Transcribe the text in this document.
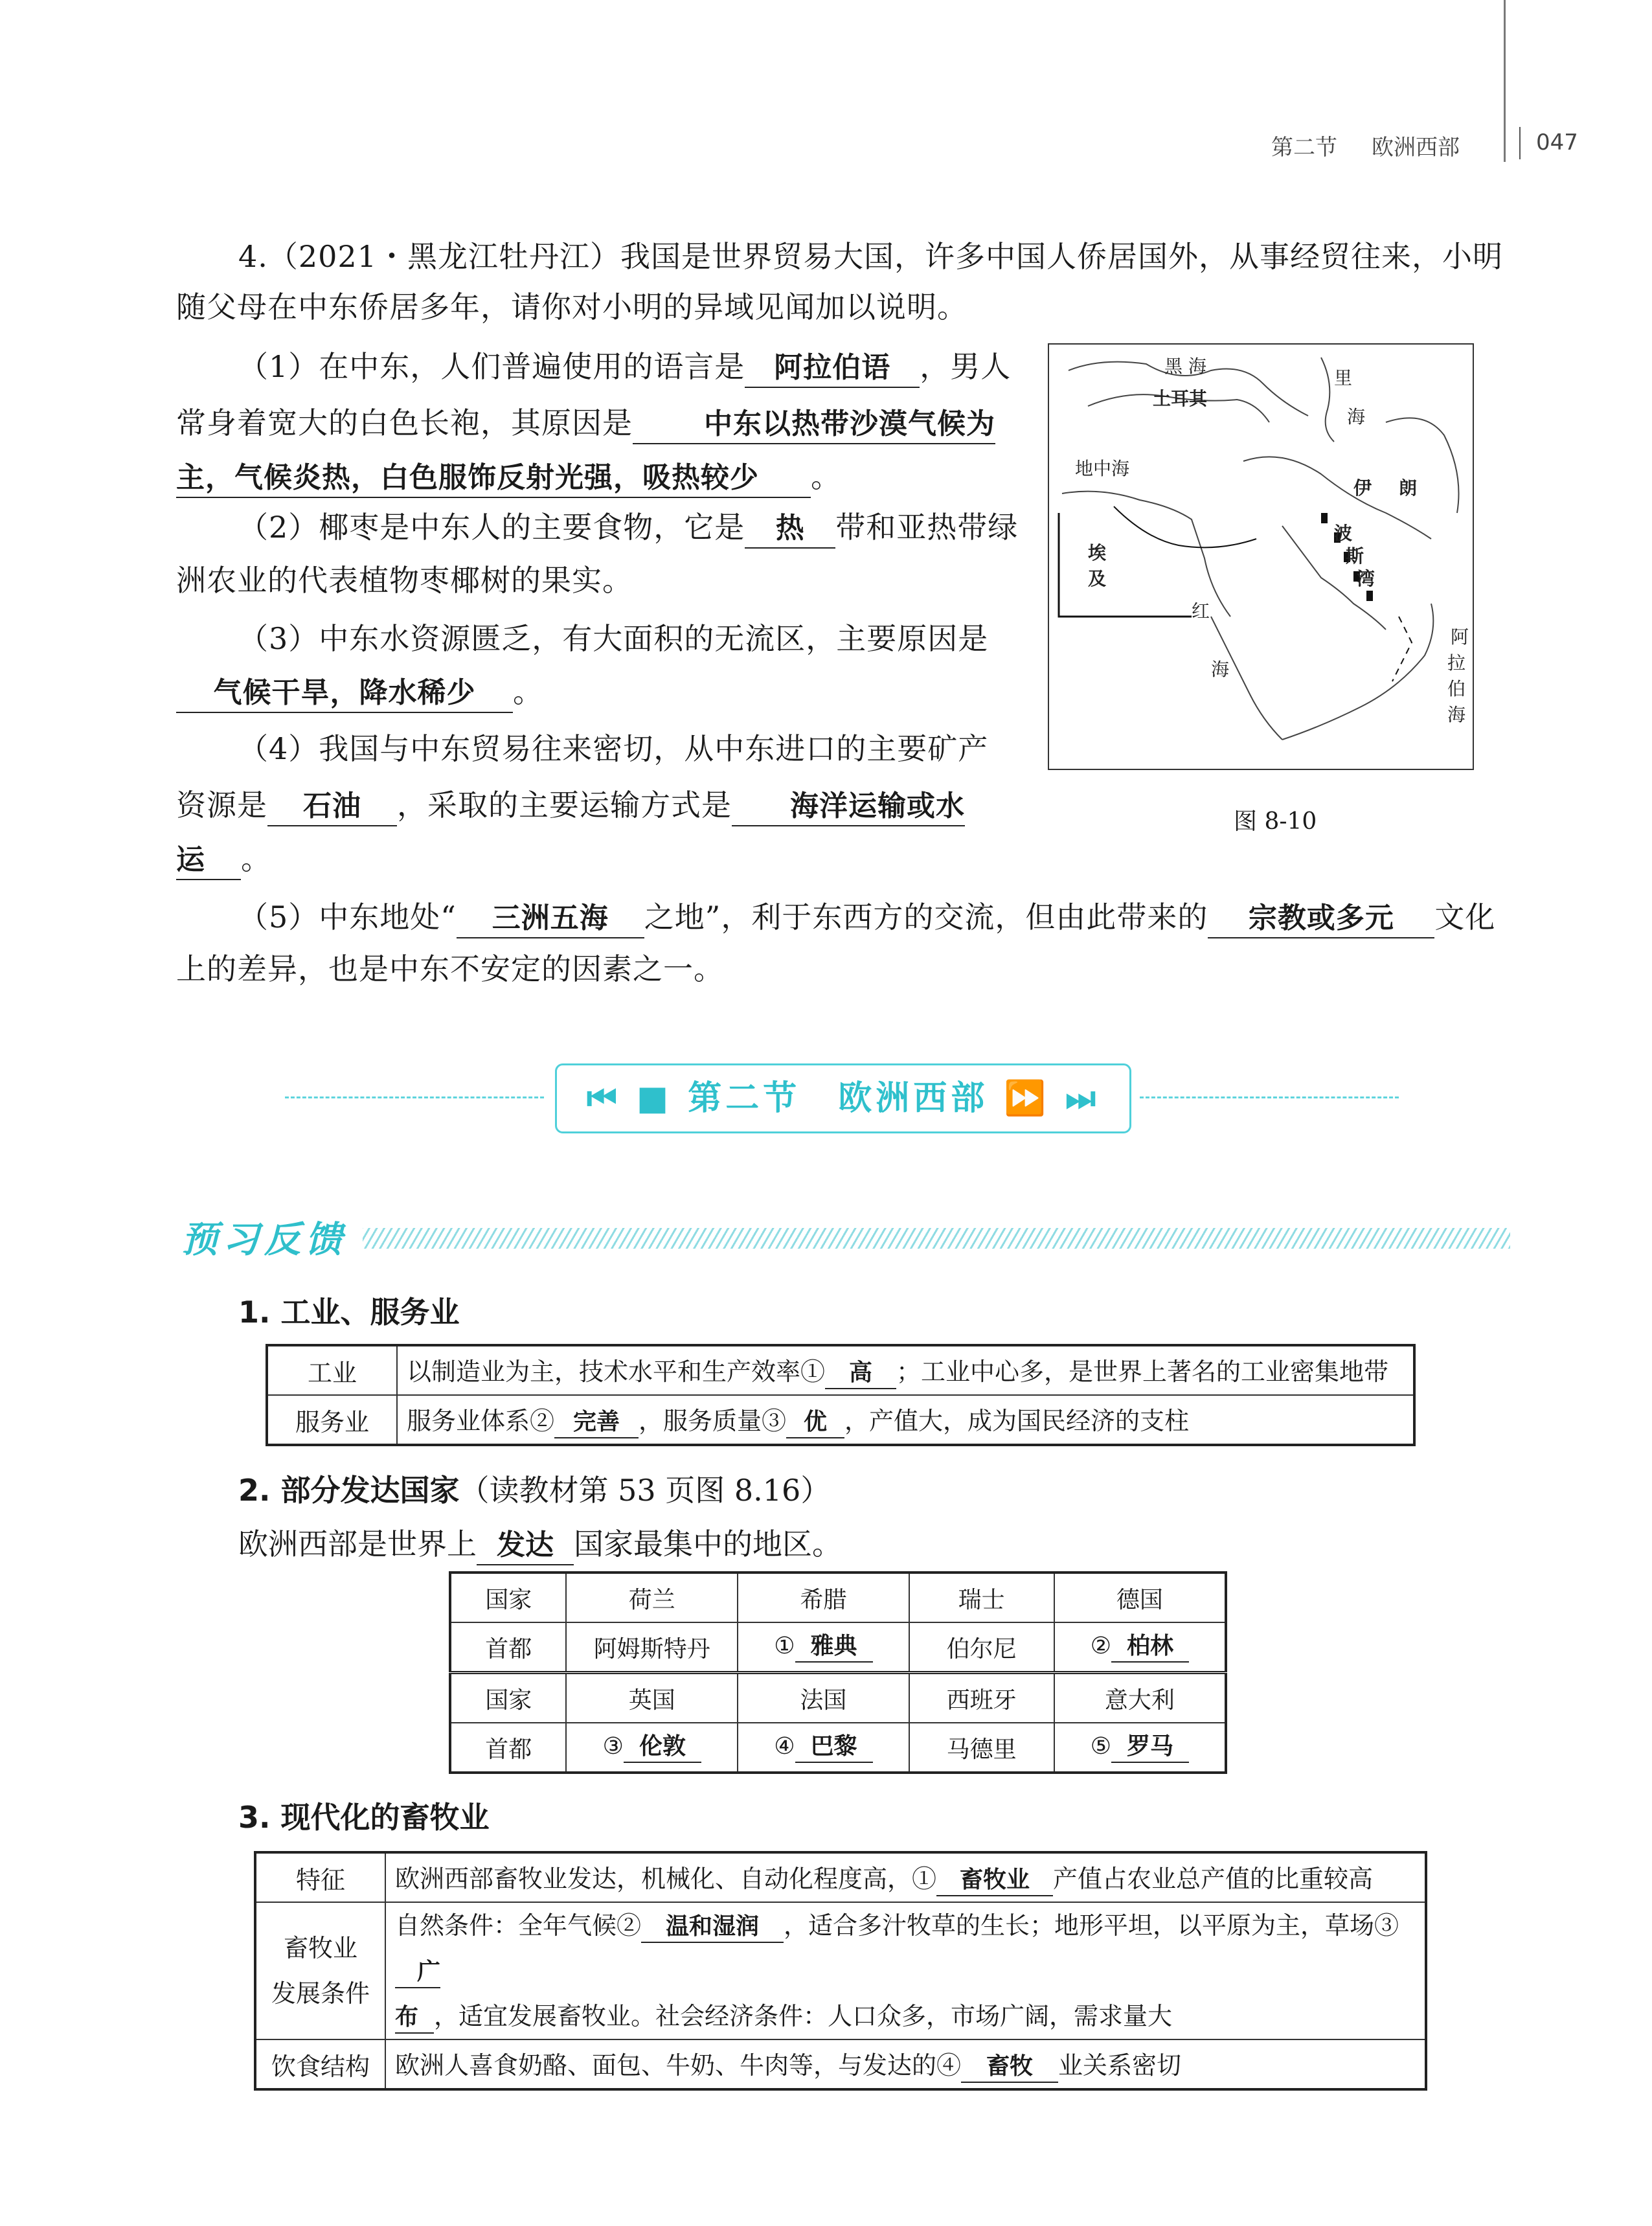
第二节 欧洲西部	047
4.（2021・黑龙江牡丹江）我国是世界贸易大国，许多中国人侨居国外，从事经贸往来，小明
随父母在中东侨居多年，请你对小明的异域见闻加以说明。
（1）在中东，人们普遍使用的语言是 阿拉伯语 ，男人
常身着宽大的白色长袍，其原因是	中东以热带沙漠气候为
主，气候炎热，白色服饰反射光强，吸热较少 。
（2）椰枣是中东人的主要食物，它是 热 带和亚热带绿
洲农业的代表植物枣椰树的果实。
（3）中东水资源匮乏，有大面积的无流区，主要原因是
气候干旱，降水稀少 。
（4）我国与中东贸易往来密切，从中东进口的主要矿产
资源是 石油 ，采取的主要运输方式是 海洋运输或水
运 。
（5）中东地处“ 三洲五海 之地”，利于东西方的交流，但由此带来的 宗教或多元 文化
上的差异，也是中东不安定的因素之一。
黑 海
里
海
土耳其
地中海
伊 朗
波
斯
湾
埃
及
红
海
阿
拉
伯
海
图 8-10
⏮ ■ 第二节　欧洲西部 ⏩ ⏭
预习反馈
1. 工业、服务业
工业	以制造业为主，技术水平和生产效率① 高 ；工业中心多，是世界上著名的工业密集地带
服务业	服务业体系② 完善 ，服务质量③ 优 ，产值大，成为国民经济的支柱
2. 部分发达国家（读教材第 53 页图 8.16）
欧洲西部是世界上 发达 国家最集中的地区。
国家	荷兰	希腊	瑞士	德国
首都	阿姆斯特丹	① 雅典	伯尔尼	② 柏林
国家	英国	法国	西班牙	意大利
首都	③ 伦敦	④ 巴黎	马德里	⑤ 罗马
3. 现代化的畜牧业
特征	欧洲西部畜牧业发达，机械化、自动化程度高，① 畜牧业 产值占农业总产值的比重较高
畜牧业
发展条件	自然条件：全年气候② 温和湿润 ，适合多汁牧草的生长；地形平坦，以平原为主，草场③广
布 ，适宜发展畜牧业。社会经济条件：人口众多，市场广阔，需求量大
饮食结构	欧洲人喜食奶酪、面包、牛奶、牛肉等，与发达的④ 畜牧 业关系密切
